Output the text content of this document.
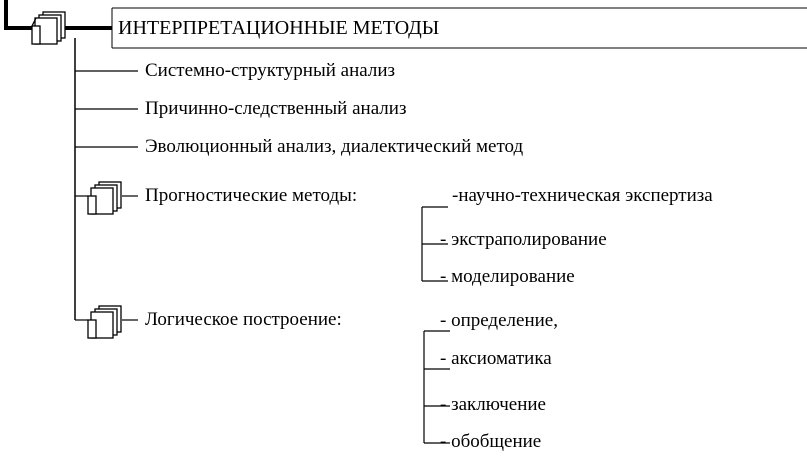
ИНТЕРПРЕТАЦИОННЫЕ МЕТОДЫ
Системно-структурный анализ
Причинно-следственный анализ
Эволюционный анализ, диалектический метод
Прогностические методы:	-научно-техническая экспертиза
- экстраполирование
- моделирование
Логическое построение:	- определение,
- аксиоматика
- заключение
- обобщение
